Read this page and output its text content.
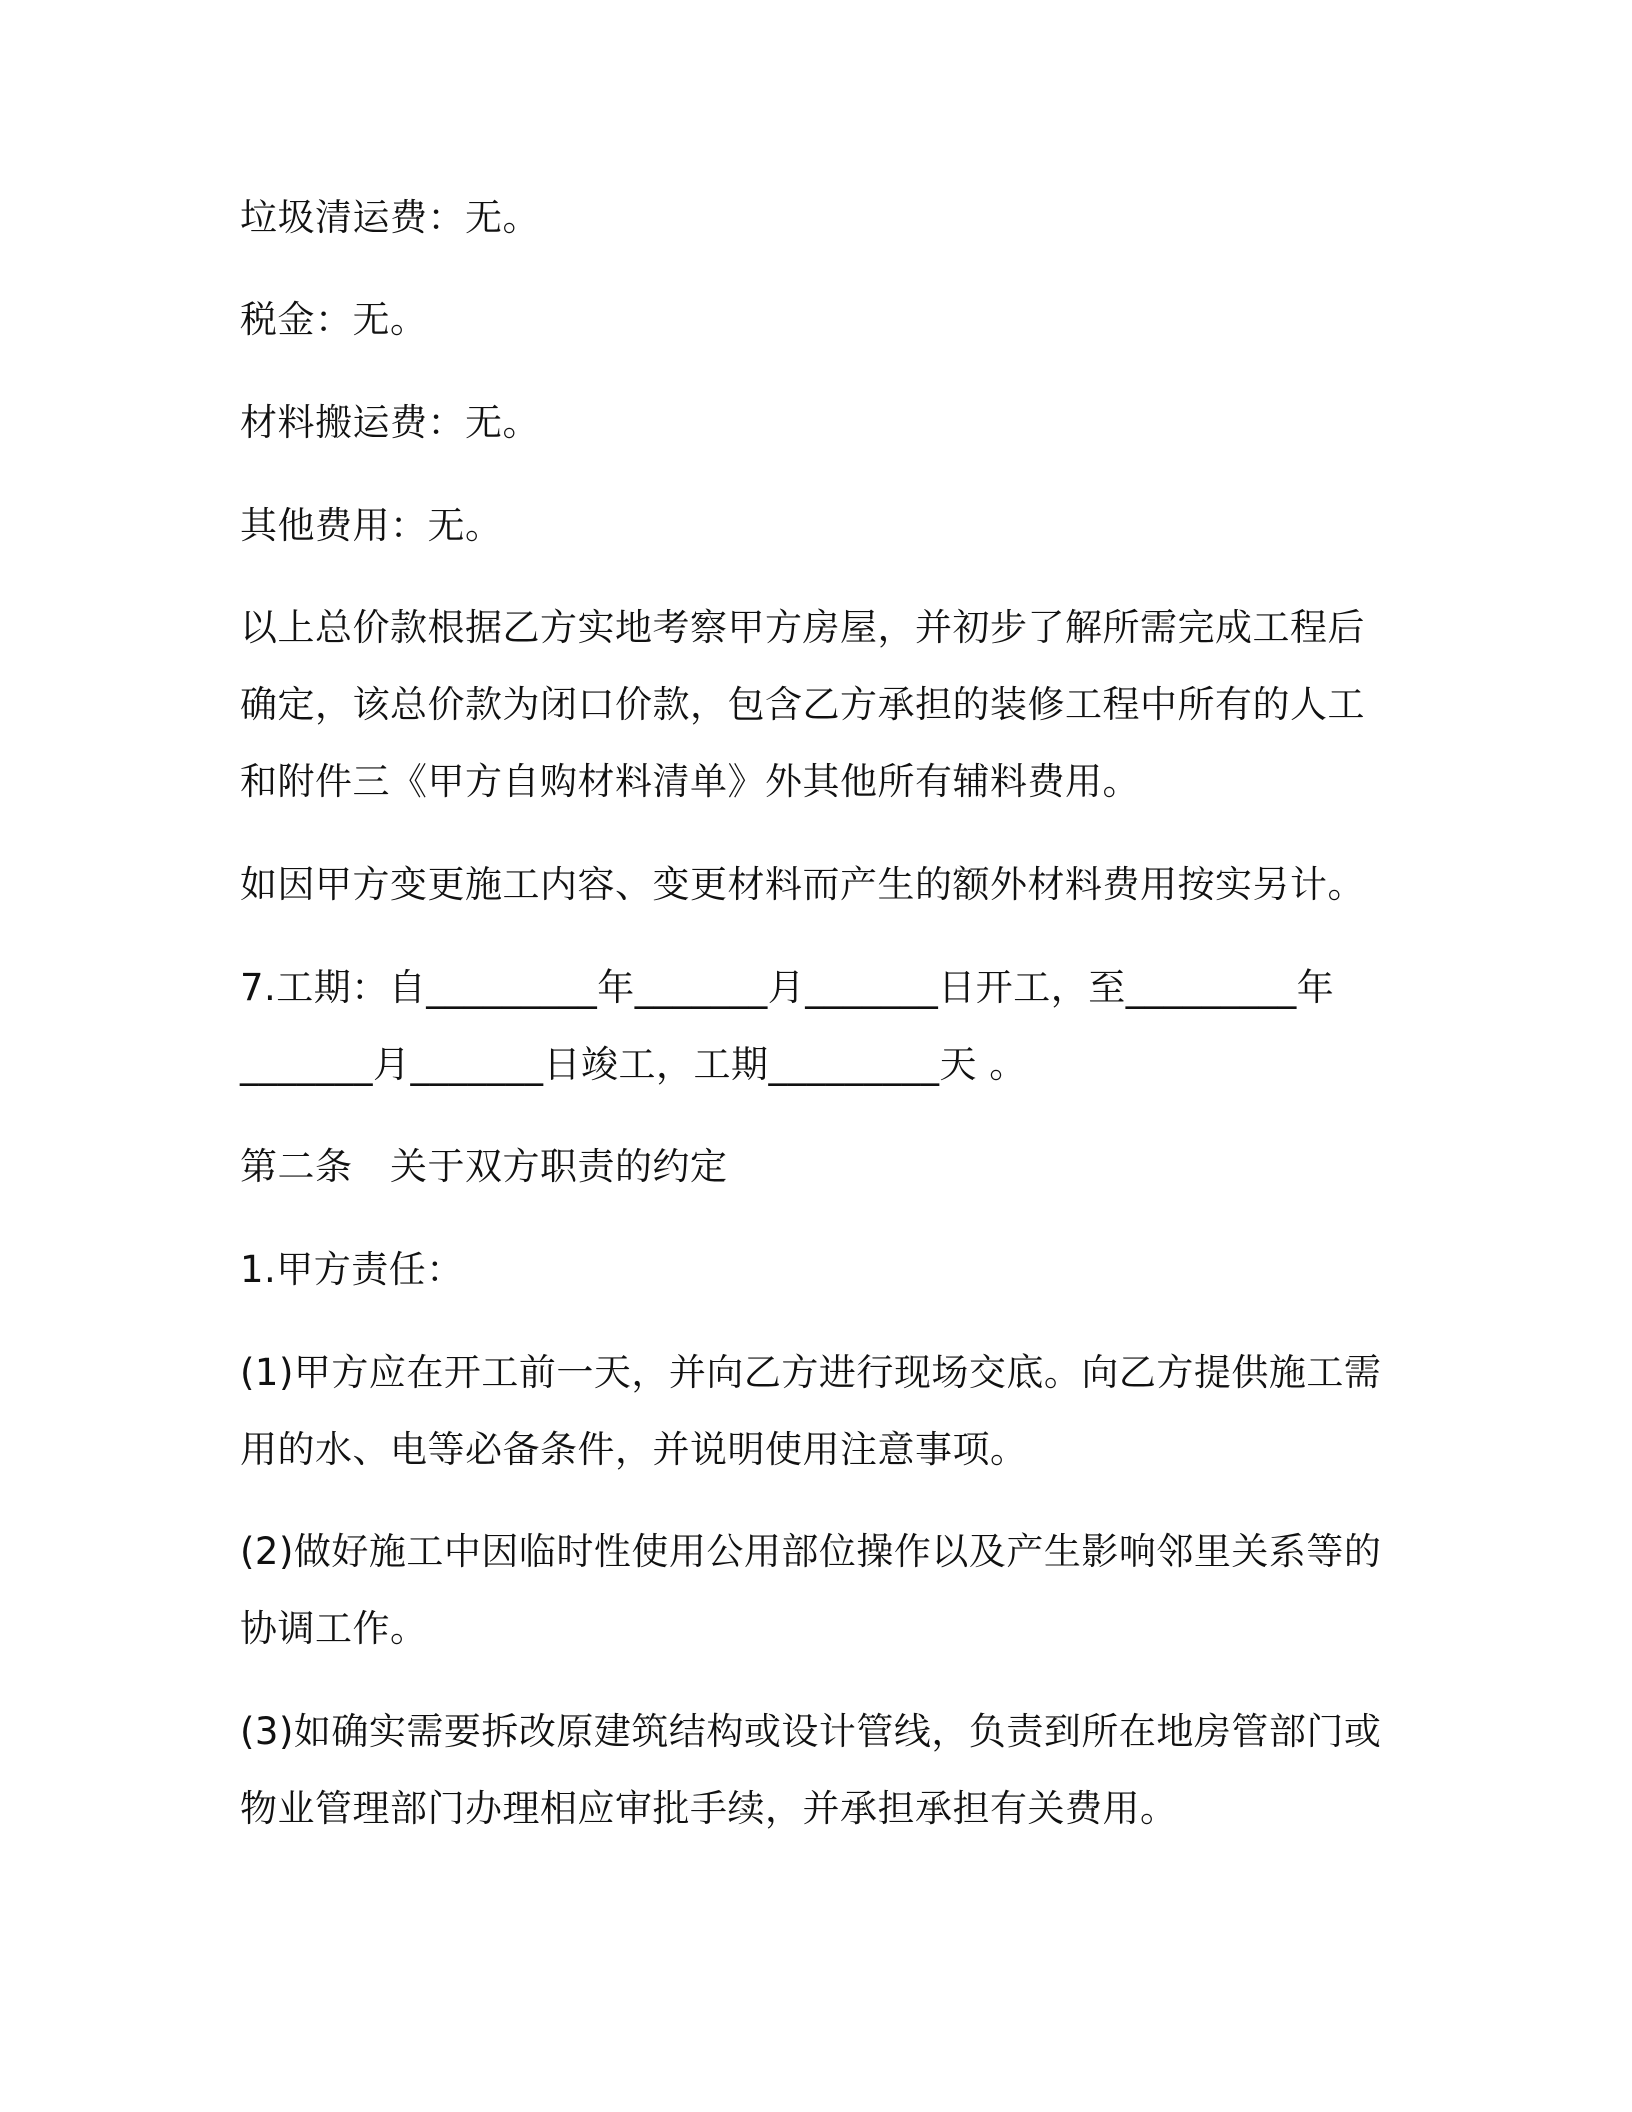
垃圾清运费：无。
税金：无。
材料搬运费：无。
其他费用：无。
以上总价款根据乙方实地考察甲方房屋，并初步了解所需完成工程后
确定，该总价款为闭口价款，包含乙方承担的装修工程中所有的人工
和附件三《甲方自购材料清单》外其他所有辅料费用。
如因甲方变更施工内容、变更材料而产生的额外材料费用按实另计。
7.工期：自_________年_______月_______日开工，至_________年
_______月_______日竣工，工期_________天 。
第二条　关于双方职责的约定
1.甲方责任：
(1)甲方应在开工前一天，并向乙方进行现场交底。向乙方提供施工需
用的水、电等必备条件，并说明使用注意事项。
(2)做好施工中因临时性使用公用部位操作以及产生影响邻里关系等的
协调工作。
(3)如确实需要拆改原建筑结构或设计管线，负责到所在地房管部门或
物业管理部门办理相应审批手续，并承担承担有关费用。
